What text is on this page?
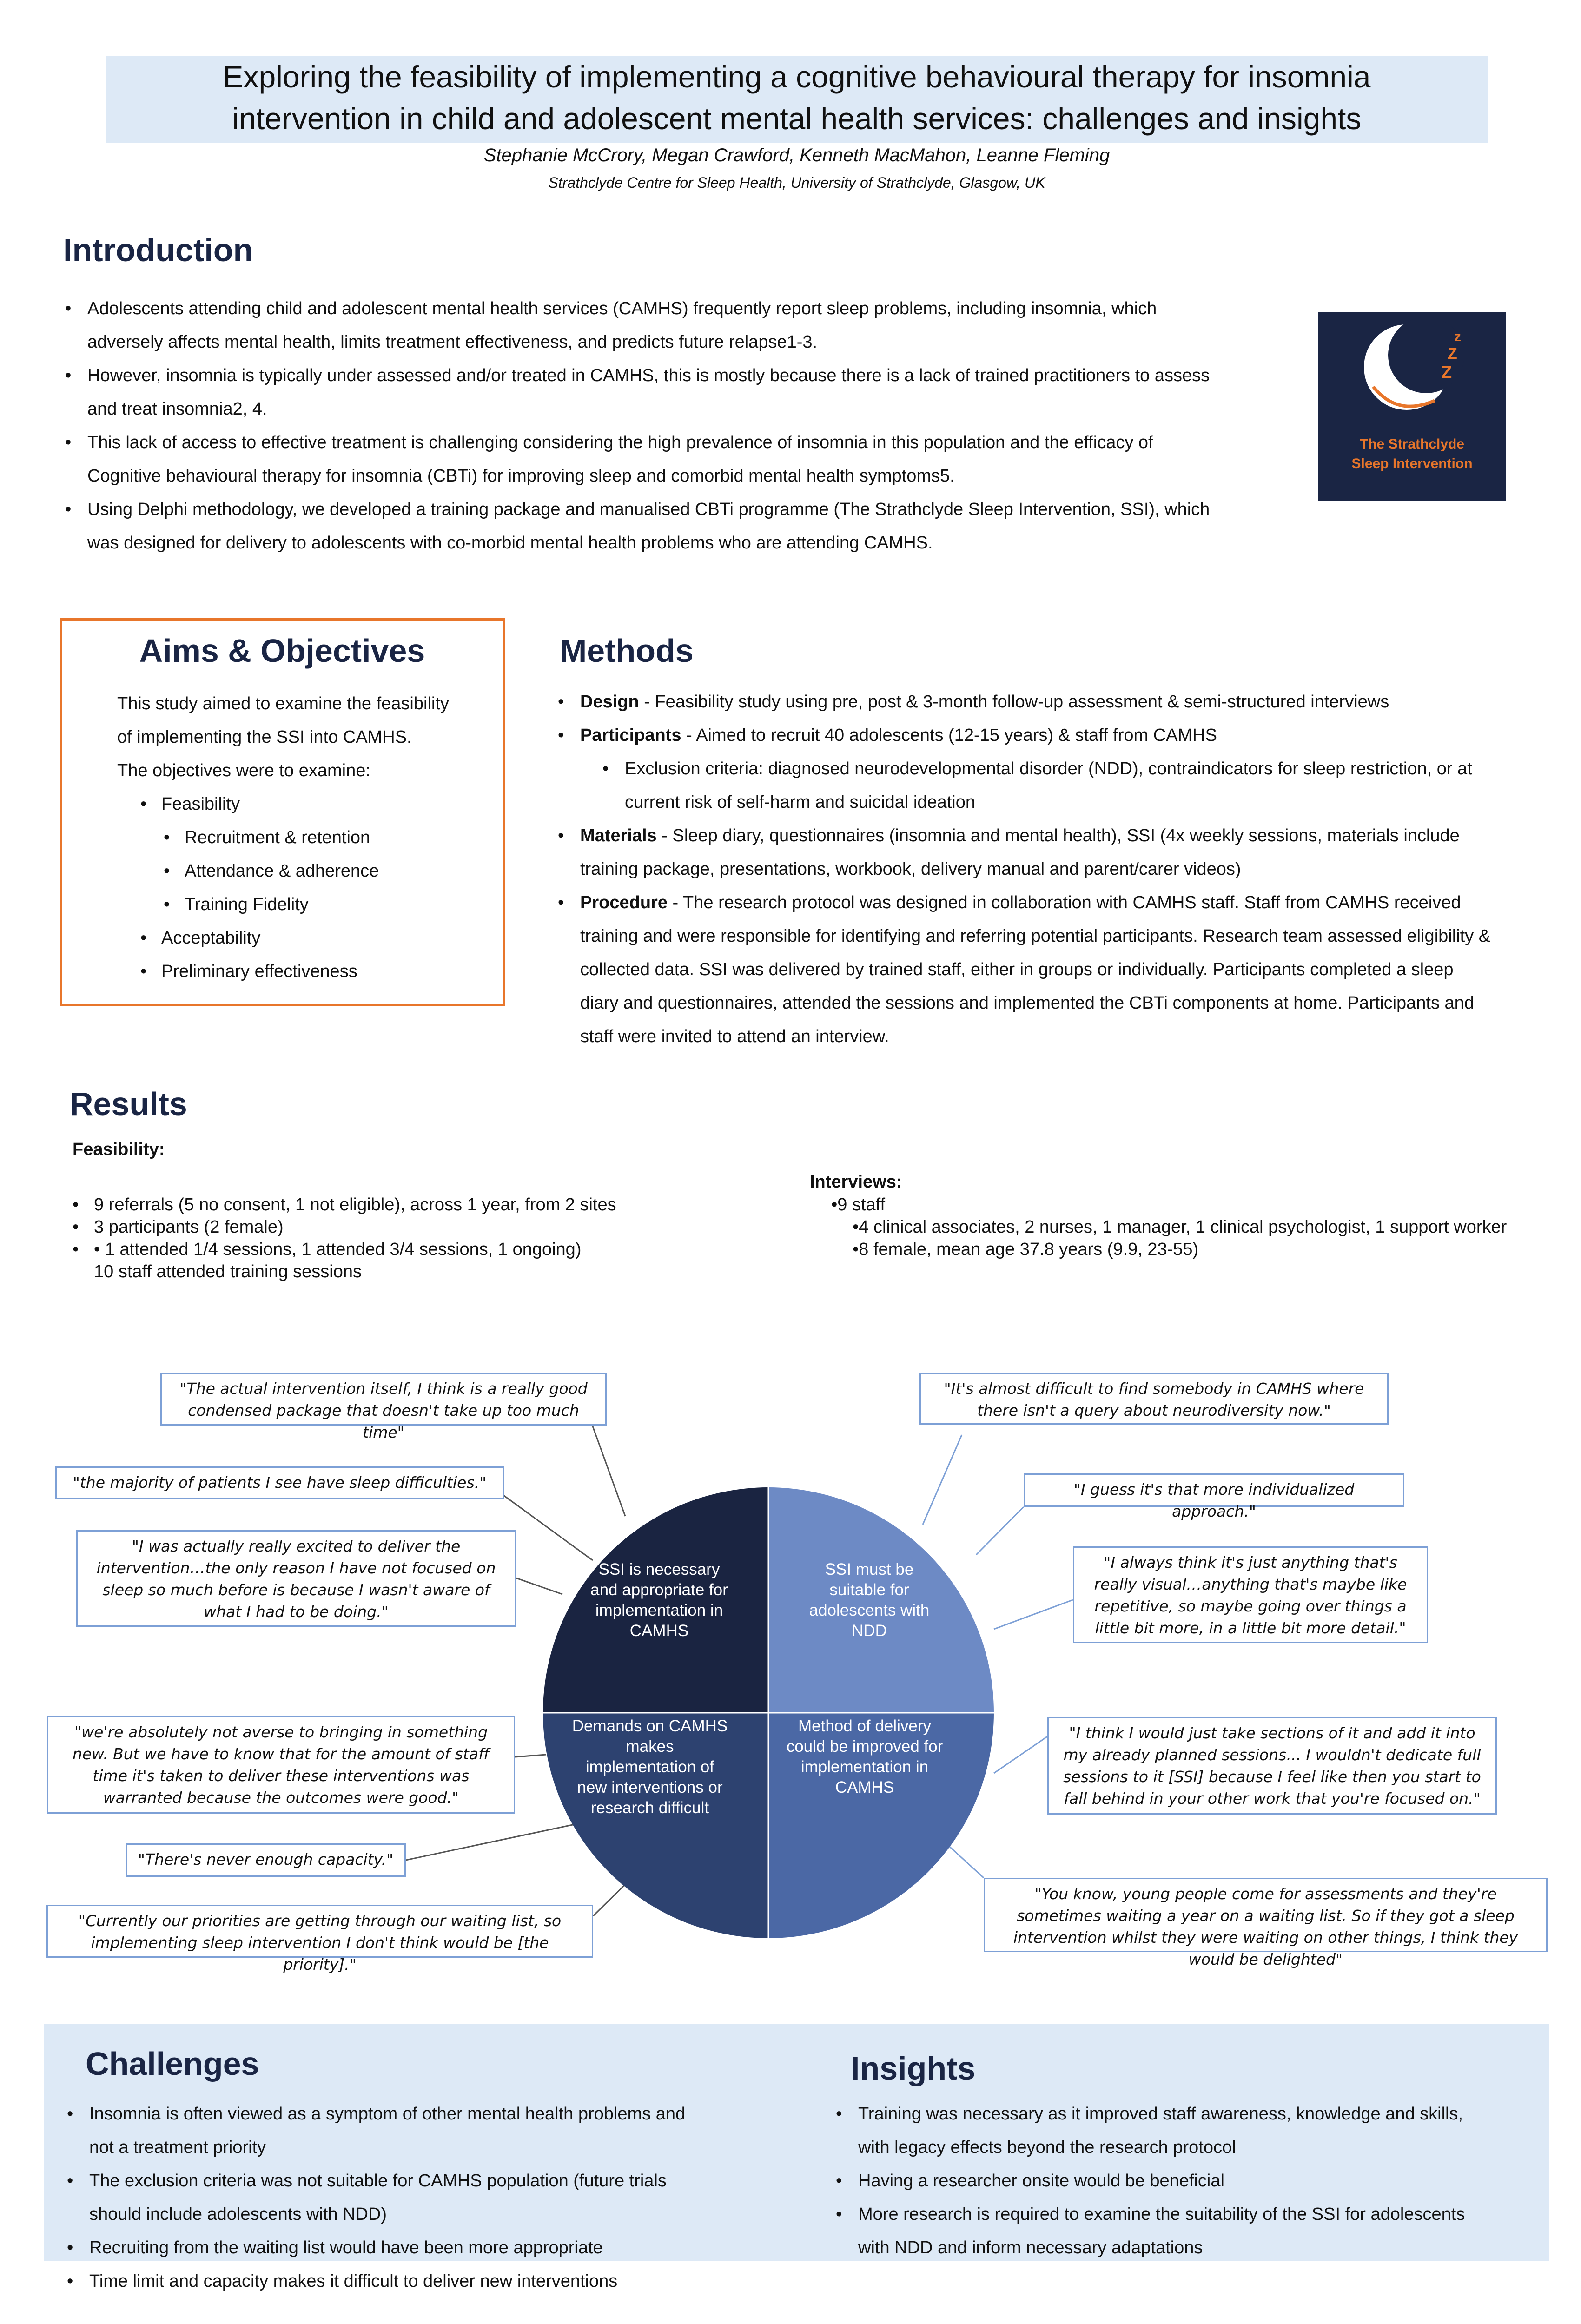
Exploring the feasibility of implementing a cognitive behavioural therapy for insomnia
intervention in child and adolescent mental health services: challenges and insights
Stephanie McCrory, Megan Crawford, Kenneth MacMahon, Leanne Fleming
Strathclyde Centre for Sleep Health, University of Strathclyde, Glasgow, UK
Introduction
• Adolescents attending child and adolescent mental health services (CAMHS) frequently report sleep problems, including insomnia, which
adversely affects mental health, limits treatment effectiveness, and predicts future relapse1-3.
• However, insomnia is typically under assessed and/or treated in CAMHS, this is mostly because there is a lack of trained practitioners to assess
and treat insomnia2, 4.
• This lack of access to effective treatment is challenging considering the high prevalence of insomnia in this population and the efficacy of
Cognitive behavioural therapy for insomnia (CBTi) for improving sleep and comorbid mental health symptoms5.
• Using Delphi methodology, we developed a training package and manualised CBTi programme (The Strathclyde Sleep Intervention, SSI), which
was designed for delivery to adolescents with co-morbid mental health problems who are attending CAMHS.
z
Z
Z
The Strathclyde
Sleep Intervention
Aims & Objectives
This study aimed to examine the feasibility
of implementing the SSI into CAMHS.
The objectives were to examine:
• Feasibility
• Recruitment & retention
• Attendance & adherence
• Training Fidelity
• Acceptability
• Preliminary effectiveness
Methods
• Design - Feasibility study using pre, post & 3-month follow-up assessment & semi-structured interviews
• Participants - Aimed to recruit 40 adolescents (12-15 years) & staff from CAMHS
• Exclusion criteria: diagnosed neurodevelopmental disorder (NDD), contraindicators for sleep restriction, or at
current risk of self-harm and suicidal ideation
• Materials - Sleep diary, questionnaires (insomnia and mental health), SSI (4x weekly sessions, materials include
training package, presentations, workbook, delivery manual and parent/carer videos)
• Procedure - The research protocol was designed in collaboration with CAMHS staff. Staff from CAMHS received
training and were responsible for identifying and referring potential participants. Research team assessed eligibility &
collected data. SSI was delivered by trained staff, either in groups or individually. Participants completed a sleep
diary and questionnaires, attended the sessions and implemented the CBTi components at home. Participants and
staff were invited to attend an interview.
Results
Feasibility:
• 9 referrals (5 no consent, 1 not eligible), across 1 year, from 2 sites
• 3 participants (2 female)
• • 1 attended 1/4 sessions, 1 attended 3/4 sessions, 1 ongoing)
10 staff attended training sessions
Interviews:
•9 staff
•4 clinical associates, 2 nurses, 1 manager, 1 clinical psychologist, 1 support worker
•8 female, mean age 37.8 years (9.9, 23-55)
SSI is necessary and appropriate for implementation in CAMHS
SSI must be suitable for adolescents with NDD
Demands on CAMHS makes implementation of new interventions or research difficult
Method of delivery could be improved for implementation in CAMHS
"The actual intervention itself, I think is a really good condensed package that doesn't take up too much time"
"the majority of patients I see have sleep difficulties."
"I was actually really excited to deliver the intervention…the only reason I have not focused on sleep so much before is because I wasn't aware of what I had to be doing."
"we're absolutely not averse to bringing in something new. But we have to know that for the amount of staff time it's taken to deliver these interventions was warranted because the outcomes were good."
"There's never enough capacity."
"Currently our priorities are getting through our waiting list, so implementing sleep intervention I don't think would be [the priority]."
"It's almost difficult to find somebody in CAMHS where there isn't a query about neurodiversity now."
"I guess it's that more individualized approach."
"I always think it's just anything that's really visual…anything that's maybe like repetitive, so maybe going over things a little bit more, in a little bit more detail."
"I think I would just take sections of it and add it into my already planned sessions... I wouldn't dedicate full sessions to it [SSI] because I feel like then you start to fall behind in your other work that you're focused on."
"You know, young people come for assessments and they're sometimes waiting a year on a waiting list. So if they got a sleep intervention whilst they were waiting on other things, I think they would be delighted"
Challenges
• Insomnia is often viewed as a symptom of other mental health problems and
not a treatment priority
• The exclusion criteria was not suitable for CAMHS population (future trials
should include adolescents with NDD)
• Recruiting from the waiting list would have been more appropriate
• Time limit and capacity makes it difficult to deliver new interventions
Insights
• Training was necessary as it improved staff awareness, knowledge and skills,
with legacy effects beyond the research protocol
• Having a researcher onsite would be beneficial
• More research is required to examine the suitability of the SSI for adolescents
with NDD and inform necessary adaptations
